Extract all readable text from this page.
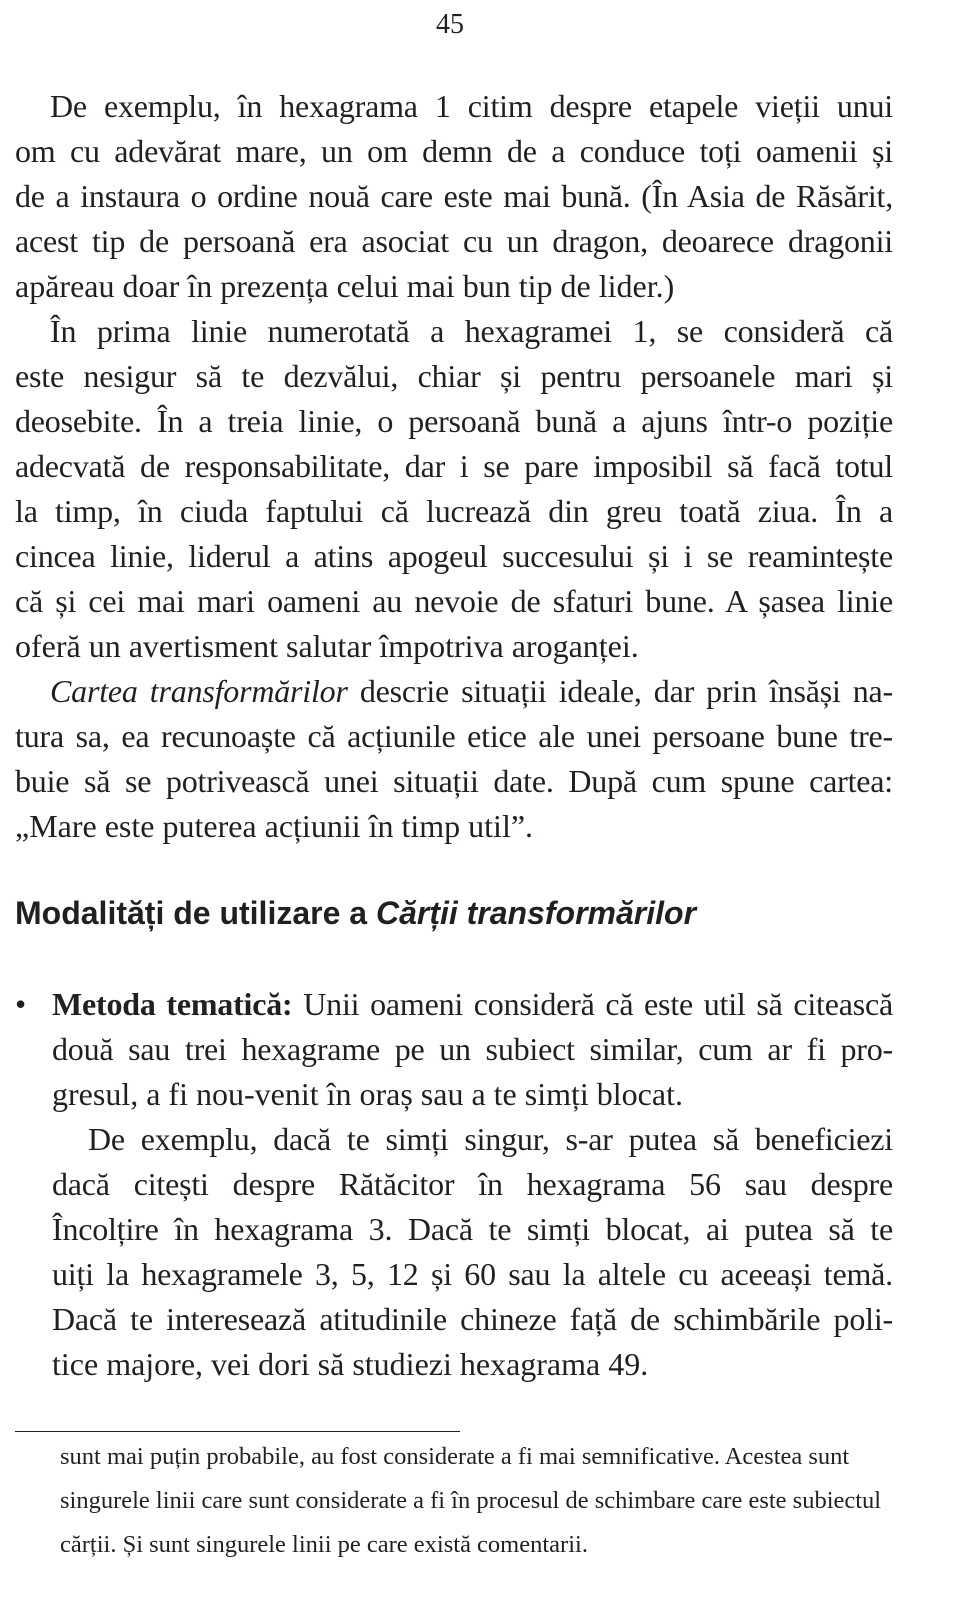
45
De exemplu, în hexagrama 1 citim despre etapele vieții unui
om cu adevărat mare, un om demn de a conduce toți oamenii și
de a instaura o ordine nouă care este mai bună. (În Asia de Răsărit,
acest tip de persoană era asociat cu un dragon, deoarece dragonii
apăreau doar în prezența celui mai bun tip de lider.)
În prima linie numerotată a hexagramei 1, se consideră că
este nesigur să te dezvălui, chiar și pentru persoanele mari și
deosebite. În a treia linie, o persoană bună a ajuns într-o poziție
adecvată de responsabilitate, dar i se pare imposibil să facă totul
la timp, în ciuda faptului că lucrează din greu toată ziua. În a
cincea linie, liderul a atins apogeul succesului și i se reamintește
că și cei mai mari oameni au nevoie de sfaturi bune. A șasea linie
oferă un avertisment salutar împotriva aroganței.
Cartea transformărilor descrie situații ideale, dar prin însăși na-
tura sa, ea recunoaște că acțiunile etice ale unei persoane bune tre-
buie să se potrivească unei situații date. După cum spune cartea:
„Mare este puterea acțiunii în timp util”.
Modalități de utilizare a Cărții transformărilor
• Metoda tematică: Unii oameni consideră că este util să citească
două sau trei hexagrame pe un subiect similar, cum ar fi pro-
gresul, a fi nou-venit în oraș sau a te simți blocat.
De exemplu, dacă te simți singur, s-ar putea să beneficiezi
dacă citești despre Rătăcitor în hexagrama 56 sau despre
Încolțire în hexagrama 3. Dacă te simți blocat, ai putea să te
uiți la hexagramele 3, 5, 12 și 60 sau la altele cu aceeași temă.
Dacă te interesează atitudinile chineze față de schimbările poli-
tice majore, vei dori să studiezi hexagrama 49.
sunt mai puțin probabile, au fost considerate a fi mai semnificative. Acestea sunt
singurele linii care sunt considerate a fi în procesul de schimbare care este subiectul
cărții. Și sunt singurele linii pe care există comentarii.
